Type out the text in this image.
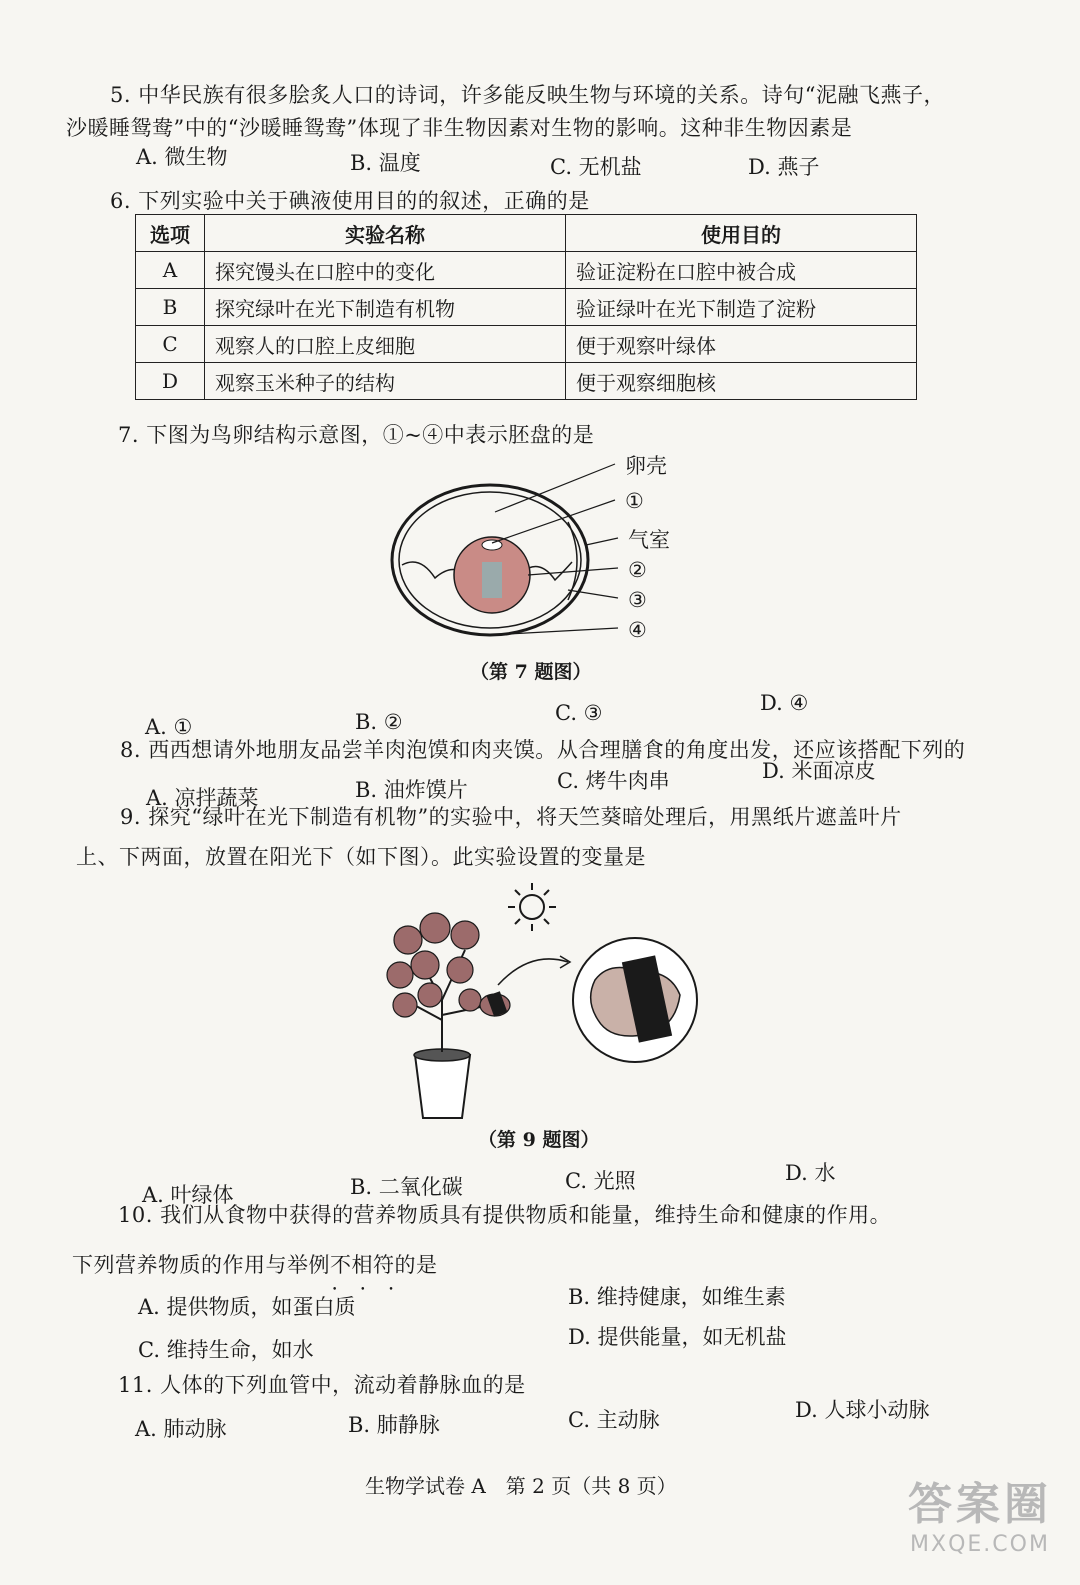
5. 中华民族有很多脍炙人口的诗词，许多能反映生物与环境的关系。诗句“泥融飞燕子，
沙暖睡鸳鸯”中的“沙暖睡鸳鸯”体现了非生物因素对生物的影响。这种非生物因素是
A. 微生物	B. 温度	C. 无机盐	D. 燕子
6. 下列实验中关于碘液使用目的的叙述，正确的是
选项	实验名称	使用目的
A	探究馒头在口腔中的变化	验证淀粉在口腔中被合成
B	探究绿叶在光下制造有机物	验证绿叶在光下制造了淀粉
C	观察人的口腔上皮细胞	便于观察叶绿体
D	观察玉米种子的结构	便于观察细胞核
7. 下图为鸟卵结构示意图，①~④中表示胚盘的是
卵壳
①
气室
②
③
④
（第 7 题图）
A. ①	B. ②	C. ③	D. ④
8. 西西想请外地朋友品尝羊肉泡馍和肉夹馍。从合理膳食的角度出发，还应该搭配下列的
A. 凉拌蔬菜	B. 油炸馍片	C. 烤牛肉串	D. 米面凉皮
9. 探究“绿叶在光下制造有机物”的实验中，将天竺葵暗处理后，用黑纸片遮盖叶片
上、下两面，放置在阳光下（如下图）。此实验设置的变量是
（第 9 题图）
A. 叶绿体	B. 二氧化碳	C. 光照	D. 水
10. 我们从食物中获得的营养物质具有提供物质和能量，维持生命和健康的作用。
下列营养物质的作用与举例不相符 • • •的是
A. 提供物质，如蛋白质	B. 维持健康，如维生素
C. 维持生命，如水
D. 提供能量，如无机盐
11. 人体的下列血管中，流动着静脉血的是
A. 肺动脉	B. 肺静脉	C. 主动脉	D. 人球小动脉
生物学试卷 A　第 2 页（共 8 页）	答案圈
MXQE.COM
